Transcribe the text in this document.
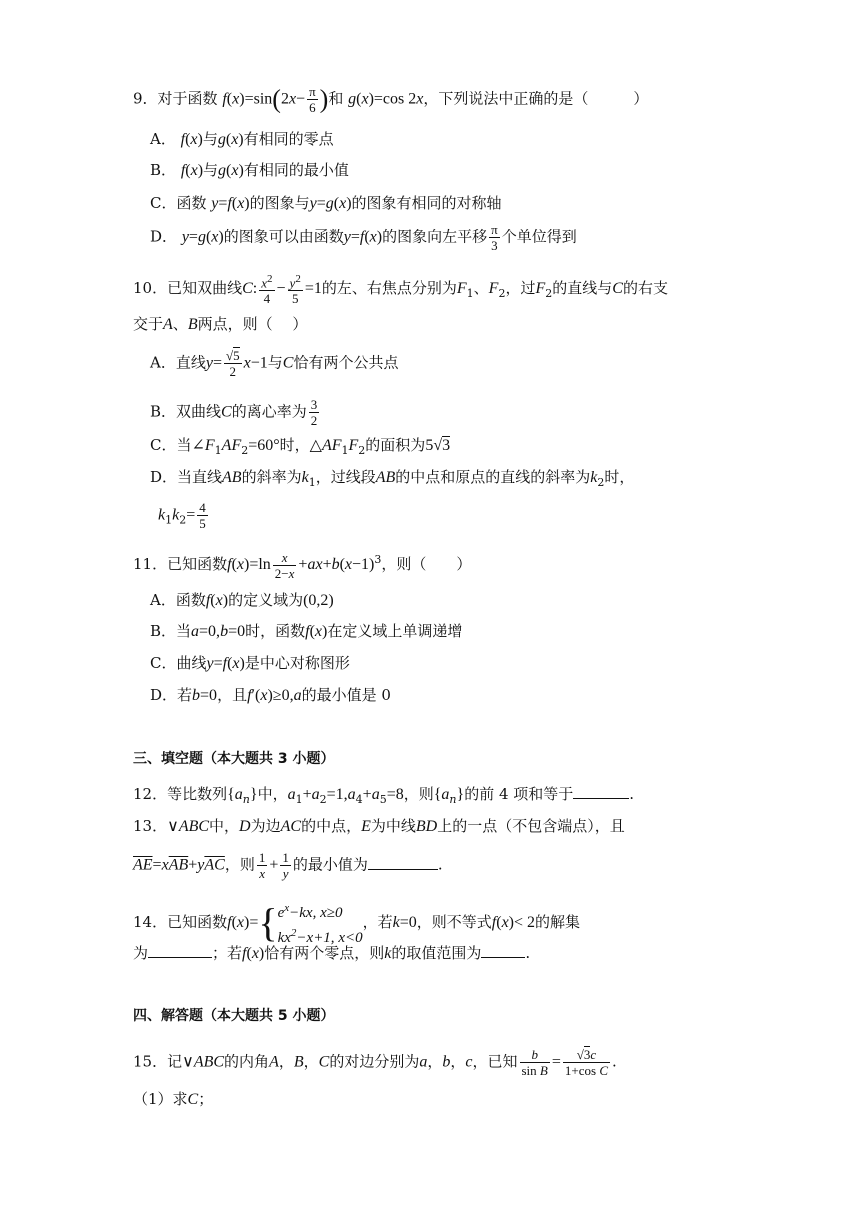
9．对于函数 $f(x)=\sin(2x- \frac{\pi}{6}$ )和 g(x)=cos 2x，下列说法中正确的是（　　　）
A． f(x)与g(x)有相同的零点
B． f(x)与g(x)有相同的最小值
C．函数 y=f(x)的图象与y=g(x)的图象有相同的对称轴
D． y=g(x)的图象可以由函数y=f(x)的图象向左平移 $\frac{\pi}{3}$ 个单位得到
10．已知双曲线C: $\frac{x^2}{4} - \frac{y^2}{5} =1$的左、右焦点分别为$F_1$、$F_2$，过$F_2$的直线与C的右支
交于A、B两点，则（　 ）
A．直线$y= \frac{√5}{2} x-1$与C恰有两个公共点
B．双曲线C的离心率为 $\frac{3}{2}$
C．当$\angle F_1AF_2=60^\circ$时，$\triangle AF_1F_2$的面积为5√3
D．当直线AB的斜率为$k_1$，过线段AB的中点和原点的直线的斜率为$k_2$时，
$k_1k_2= \frac{4}{5}$
11．已知函数$f(x)=\ln \frac{x}{2-x} +ax+b(x-1)^3$，则（　　）
A．函数f(x)的定义域为(0,2)
B．当a=0,b=0时，函数f(x)在定义域上单调递增
C．曲线y=f(x)是中心对称图形
D．若b=0，且f′(x)≥0,a的最小值是 0
三、填空题（本大题共 3 小题）
12．等比数列$\{a_n\}$中，$a_1+a_2=1,a_4+a_5=8$，则$\{a_n\}$的前 4 项和等于	.
13．∨ABC中，D为边AC的中点，E为中线BD上的一点（不包含端点），且
$\overline{AE}=x\overline{AB}+y\overline{AC}$，则 $\frac{1}{x} + \frac{1}{y}$ 的最小值为	.
14．已知函数$f(x)=\{e^x-kx$, x≥0
$kx^2-x+1$, x<0，若k=0，则不等式f(x)< 2的解集
为	；若f(x)恰有两个零点，则k的取值范围为	.
四、解答题（本大题共 5 小题）
15．记∨ABC的内角A，B，C的对边分别为a，b，c，已知 $\frac{b}{\text{sin B}} = \frac{√3c}{\text{1+cos C}}$ .
（1）求C；
